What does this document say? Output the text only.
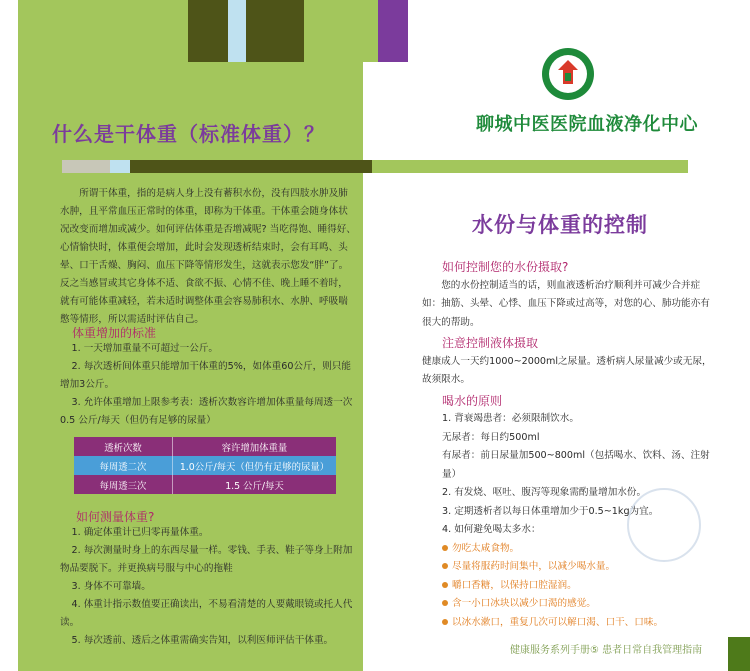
什么是干体重（标准体重）？
所谓干体重，指的是病人身上没有蓄积水份，没有四肢水肿及肺水肿，且平常血压正常时的体重，即称为干体重。干体重会随身体状况改变而增加或减少。如何评估体重是否增减呢? 当吃得饱、睡得好、心情愉快时，体重便会增加，此时会发现透析结束时，会有耳鸣、头晕、口干舌燥、胸闷、血压下降等情形发生，这就表示您发“胖”了。反之当感冒或其它身体不适、食欲不振、心情不佳、晚上睡不着时，就有可能体重减轻，若未适时调整体重会容易肺积水、水肿、呼吸喘憋等情形，所以需适时评估自己。
体重增加的标准
1. 一天增加重量不可超过一公斤。
2. 每次透析间体重只能增加干体重的5%，如体重60公斤，则只能增加3公斤。
3. 允许体重增加上限参考表：透析次数容许增加体重量每周透一次0.5 公斤/每天（但仍有足够的尿量）
透析次数	容许增加体重量
每周透二次	1.0公斤/每天（但仍有足够的尿量）
每周透三次	1.5 公斤/每天
如何测量体重?
1. 确定体重计已归零再量体重。
2. 每次测量时身上的东西尽量一样。零钱、手表、鞋子等身上附加物品要脱下。并更换病号服与中心的拖鞋
3. 身体不可靠墙。
4. 体重计指示数值要正确读出，不易看清楚的人要戴眼镜或托人代读。
5. 每次透前、透后之体重需确实告知，以利医师评估干体重。
聊城中医医院血液净化中心
水份与体重的控制
如何控制您的水份摄取?
您的水份控制适当的话，则血液透析治疗顺利并可减少合并症如：抽筋、头晕、心悸、血压下降或过高等，对您的心、肺功能亦有很大的帮助。
注意控制液体摄取
健康成人一天约1000~2000ml之尿量。透析病人尿量减少或无尿，故须限水。
喝水的原则
1. 背衰竭患者：必须限制饮水。
无尿者：每日约500ml
有尿者：前日尿量加500~800ml（包括喝水、饮料、汤、注射量）
2. 有发烧、呕吐、腹泻等现象需酌量增加水份。
3. 定期透析者以每日体重增加少于0.5~1kg为宜。
4. 如何避免喝太多水：
勿吃太咸食物。
尽量将服药时间集中，以减少喝水量。
嚼口香糖，以保持口腔湿润。
含一小口冰块以减少口渴的感觉。
以冰水漱口，重复几次可以解口渴、口干、口味。
健康服务系列手册⑤ 患者日常自我管理指南
